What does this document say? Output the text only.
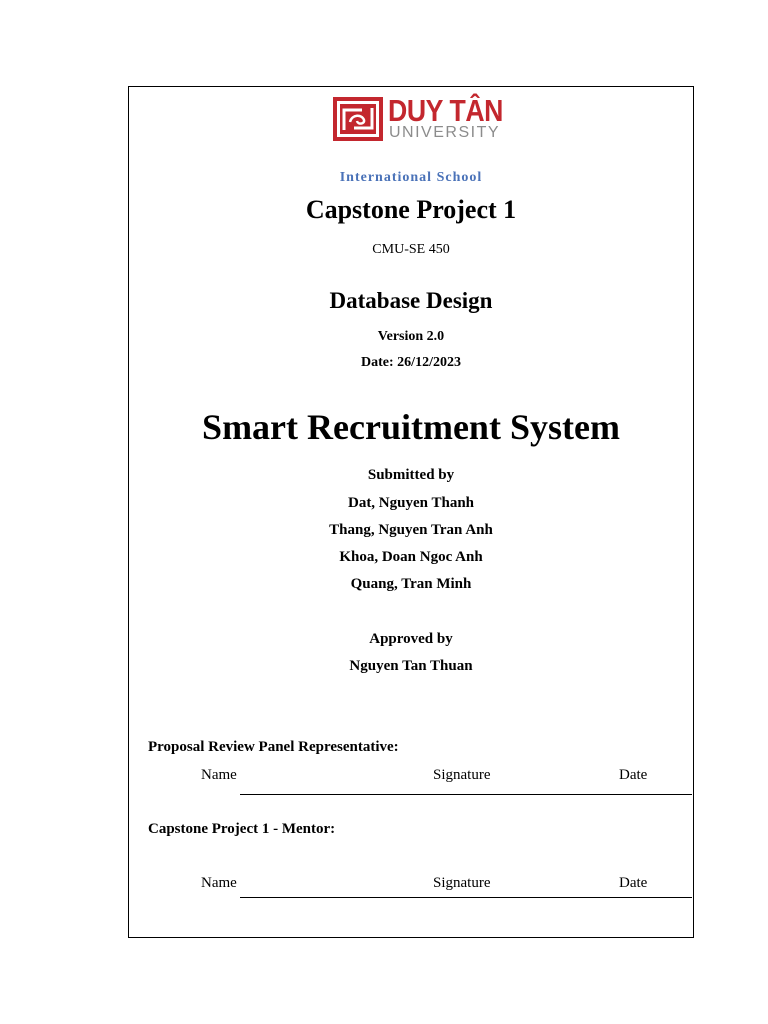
DUY TÂN
UNIVERSITY
International School
Capstone Project 1
CMU-SE 450
Database Design
Version 2.0
Date: 26/12/2023
Smart Recruitment System
Submitted by
Dat, Nguyen Thanh
Thang, Nguyen Tran Anh
Khoa, Doan Ngoc Anh
Quang, Tran Minh
Approved by
Nguyen Tan Thuan
Proposal Review Panel Representative:
Name	Signature	Date
Capstone Project 1 - Mentor:
Name	Signature	Date
